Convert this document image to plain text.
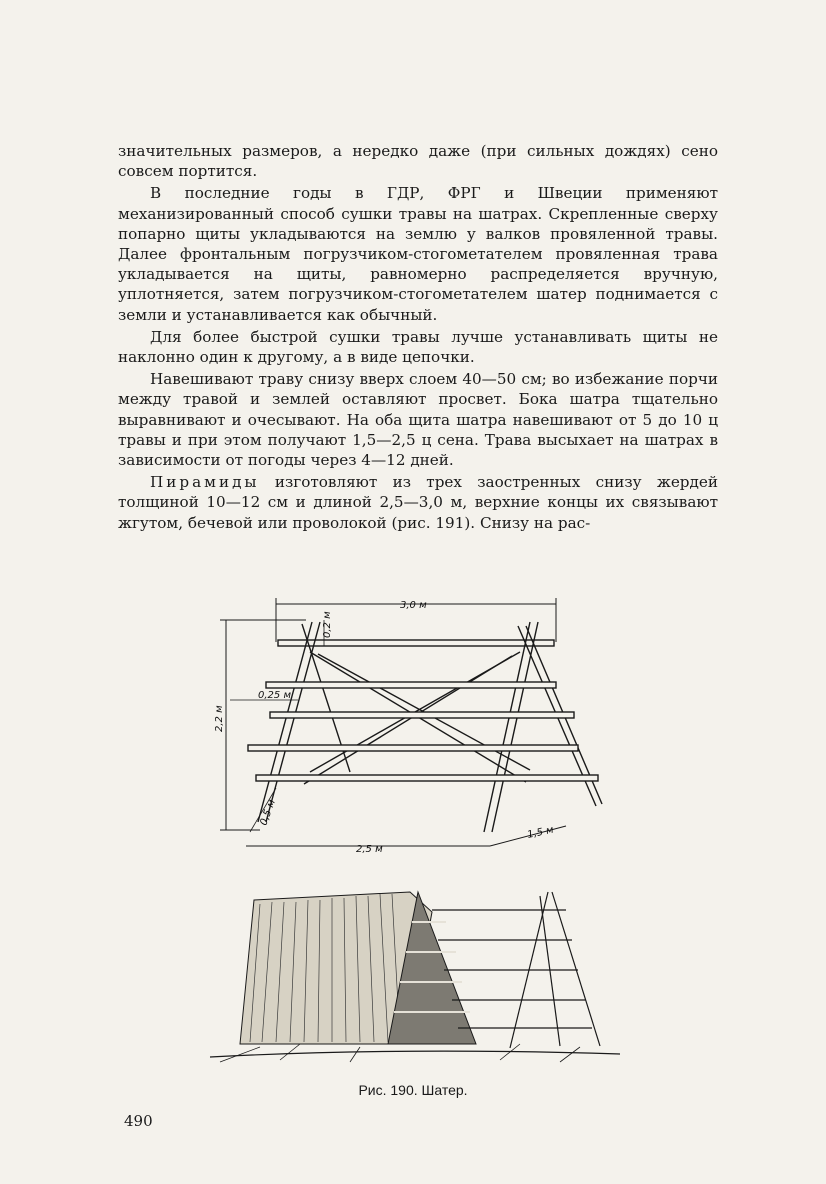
значительных размеров, а нередко даже (при сильных дождях) сено совсем портится.

В последние годы в ГДР, ФРГ и Швеции применяют механизированный способ сушки травы на шатрах. Скрепленные сверху попарно щиты укладываются на землю у валков провяленной травы. Далее фронтальным погрузчиком-стогометателем провяленная трава укладывается на щиты, равномерно распределяется вручную, уплотняется, затем погрузчиком-стогометателем шатер поднимается с земли и устанавливается как обычный.

Для более быстрой сушки травы лучше устанавливать щиты не наклонно один к другому, а в виде цепочки.

Навешивают траву снизу вверх слоем 40—50 см; во избежание порчи между травой и землей оставляют просвет. Бока шатра тщательно выравнивают и очесывают. На оба щита шатра навешивают от 5 до 10 ц травы и при этом получают 1,5—2,5 ц сена. Трава высыхает на шатрах в зависимости от погоды через 4—12 дней.

Пирамиды изготовляют из трех заостренных снизу жердей толщиной 10—12 см и длиной 2,5—3,0 м, верхние концы их связывают жгутом, бечевой или проволокой (рис. 191). Снизу на рас-

3,0 м
0,2 м
2,2 м
0,25 м
0,5 м
2,5 м
1,5 м
Рис. 190. Шатер.
490
